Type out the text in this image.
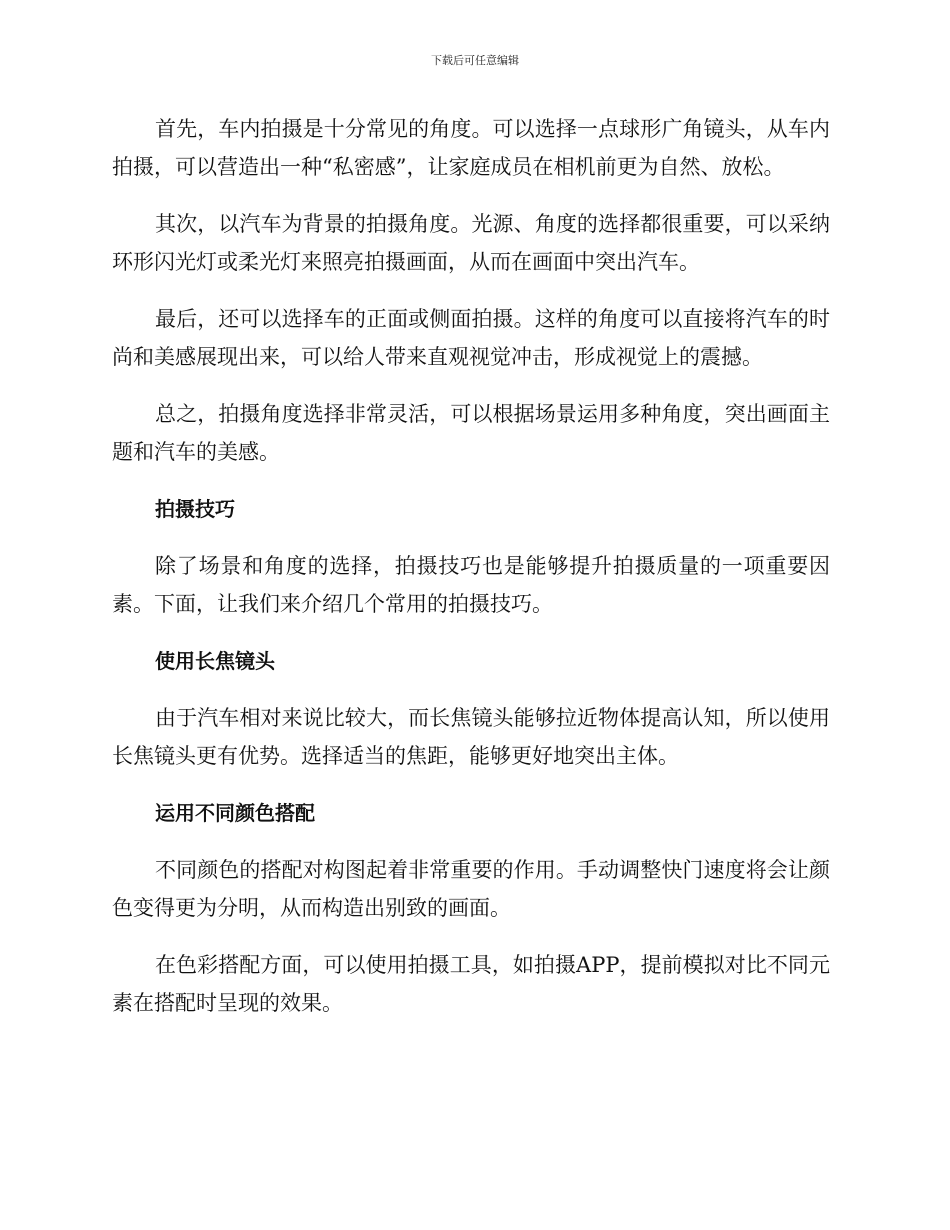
下载后可任意编辑

首先，车内拍摄是十分常见的角度。可以选择一点球形广角镜头，从车内拍摄，可以营造出一种“私密感”，让家庭成员在相机前更为自然、放松。

其次，以汽车为背景的拍摄角度。光源、角度的选择都很重要，可以采纳环形闪光灯或柔光灯来照亮拍摄画面，从而在画面中突出汽车。

最后，还可以选择车的正面或侧面拍摄。这样的角度可以直接将汽车的时尚和美感展现出来，可以给人带来直观视觉冲击，形成视觉上的震撼。

总之，拍摄角度选择非常灵活，可以根据场景运用多种角度，突出画面主题和汽车的美感。

拍摄技巧

除了场景和角度的选择，拍摄技巧也是能够提升拍摄质量的一项重要因素。下面，让我们来介绍几个常用的拍摄技巧。

使用长焦镜头

由于汽车相对来说比较大，而长焦镜头能够拉近物体提高认知，所以使用长焦镜头更有优势。选择适当的焦距，能够更好地突出主体。

运用不同颜色搭配

不同颜色的搭配对构图起着非常重要的作用。手动调整快门速度将会让颜色变得更为分明，从而构造出别致的画面。

在色彩搭配方面，可以使用拍摄工具，如拍摄APP，提前模拟对比不同元素在搭配时呈现的效果。
